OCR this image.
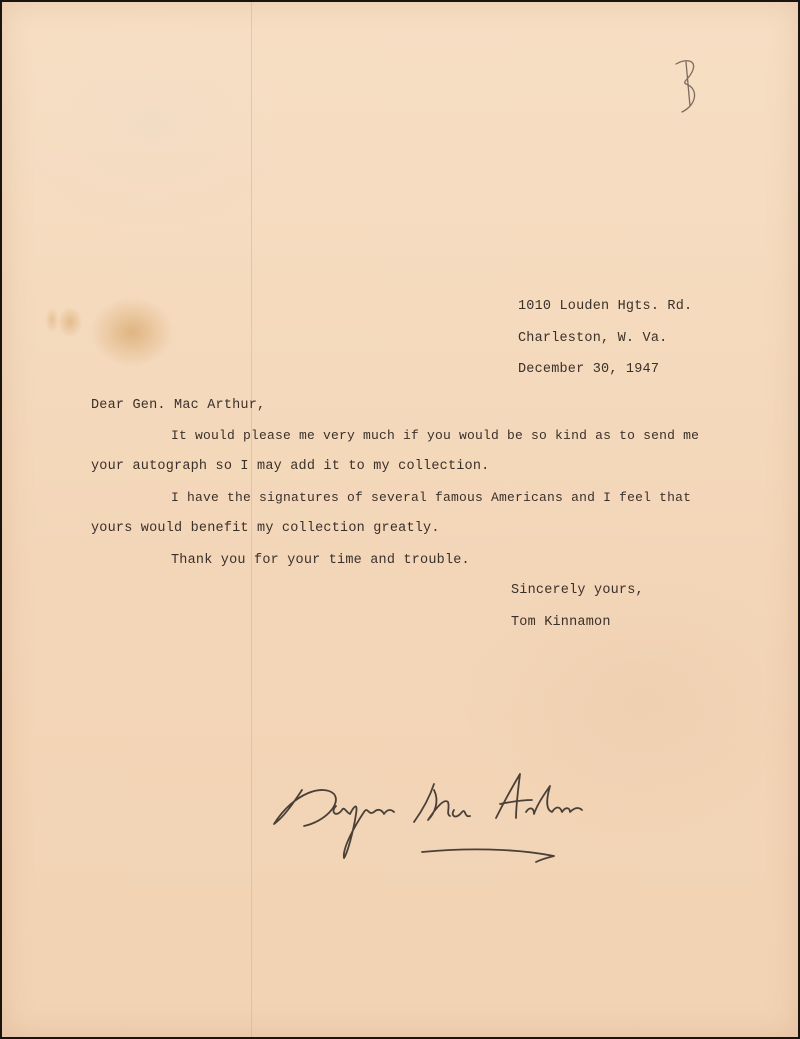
1010 Louden Hgts. Rd.
Charleston, W. Va.
December 30, 1947
Dear Gen. Mac Arthur,
It would please me very much if you would be so kind as to send me
your autograph so I may add it to my collection.
I have the signatures of several famous Americans and I feel that
yours would benefit my collection greatly.
Thank you for your time and trouble.
Sincerely yours,
Tom Kinnamon
